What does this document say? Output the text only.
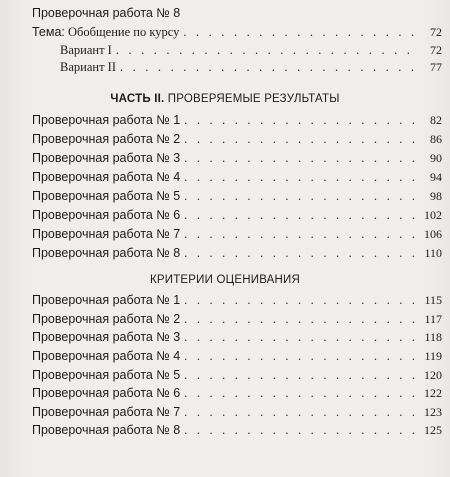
Проверочная работа № 8
Тема: Обобщение по курсу . . .	72
Вариант I . . .	72
Вариант II . . .	77
ЧАСТЬ II. ПРОВЕРЯЕМЫЕ РЕЗУЛЬТАТЫ
Проверочная работа № 1 . . .	82
Проверочная работа № 2 . . .	86
Проверочная работа № 3 . . .	90
Проверочная работа № 4 . . .	94
Проверочная работа № 5 . . .	98
Проверочная работа № 6 . . .	102
Проверочная работа № 7 . . .	106
Проверочная работа № 8 . . .	110
КРИТЕРИИ ОЦЕНИВАНИЯ
Проверочная работа № 1 . . .	115
Проверочная работа № 2 . . .	117
Проверочная работа № 3 . . .	118
Проверочная работа № 4 . . .	119
Проверочная работа № 5 . . .	120
Проверочная работа № 6 . . .	122
Проверочная работа № 7 . . .	123
Проверочная работа № 8 . . .	125
